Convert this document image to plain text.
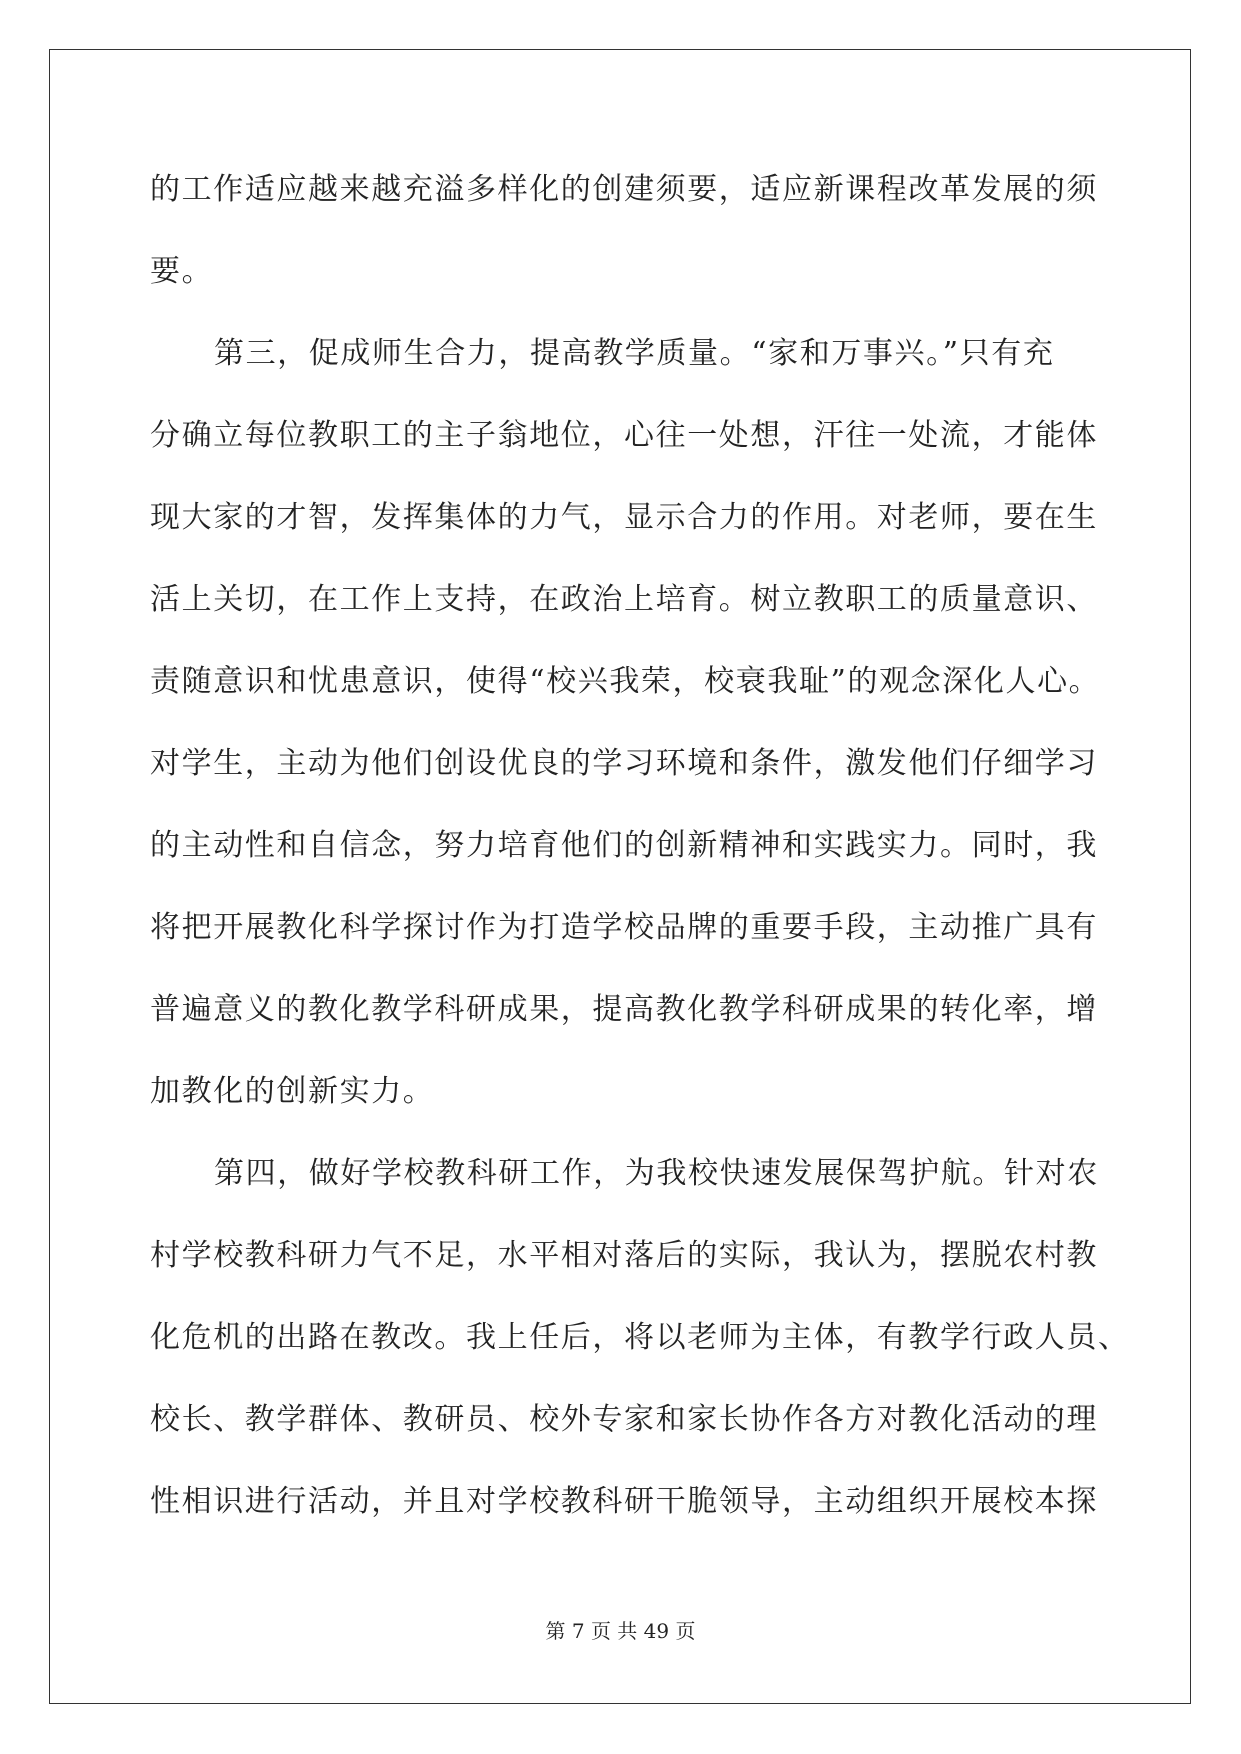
的工作适应越来越充溢多样化的创建须要，适应新课程改革发展的须
要。
第三，促成师生合力，提高教学质量。“家和万事兴。”只有充
分确立每位教职工的主子翁地位，心往一处想，汗往一处流，才能体
现大家的才智，发挥集体的力气，显示合力的作用。对老师，要在生
活上关切，在工作上支持，在政治上培育。树立教职工的质量意识、
责随意识和忧患意识，使得“校兴我荣，校衰我耻”的观念深化人心。
对学生，主动为他们创设优良的学习环境和条件，激发他们仔细学习
的主动性和自信念，努力培育他们的创新精神和实践实力。同时，我
将把开展教化科学探讨作为打造学校品牌的重要手段，主动推广具有
普遍意义的教化教学科研成果，提高教化教学科研成果的转化率，增
加教化的创新实力。
第四，做好学校教科研工作，为我校快速发展保驾护航。针对农
村学校教科研力气不足，水平相对落后的实际，我认为，摆脱农村教
化危机的出路在教改。我上任后，将以老师为主体，有教学行政人员、
校长、教学群体、教研员、校外专家和家长协作各方对教化活动的理
性相识进行活动，并且对学校教科研干脆领导，主动组织开展校本探
第 7 页 共 49 页
